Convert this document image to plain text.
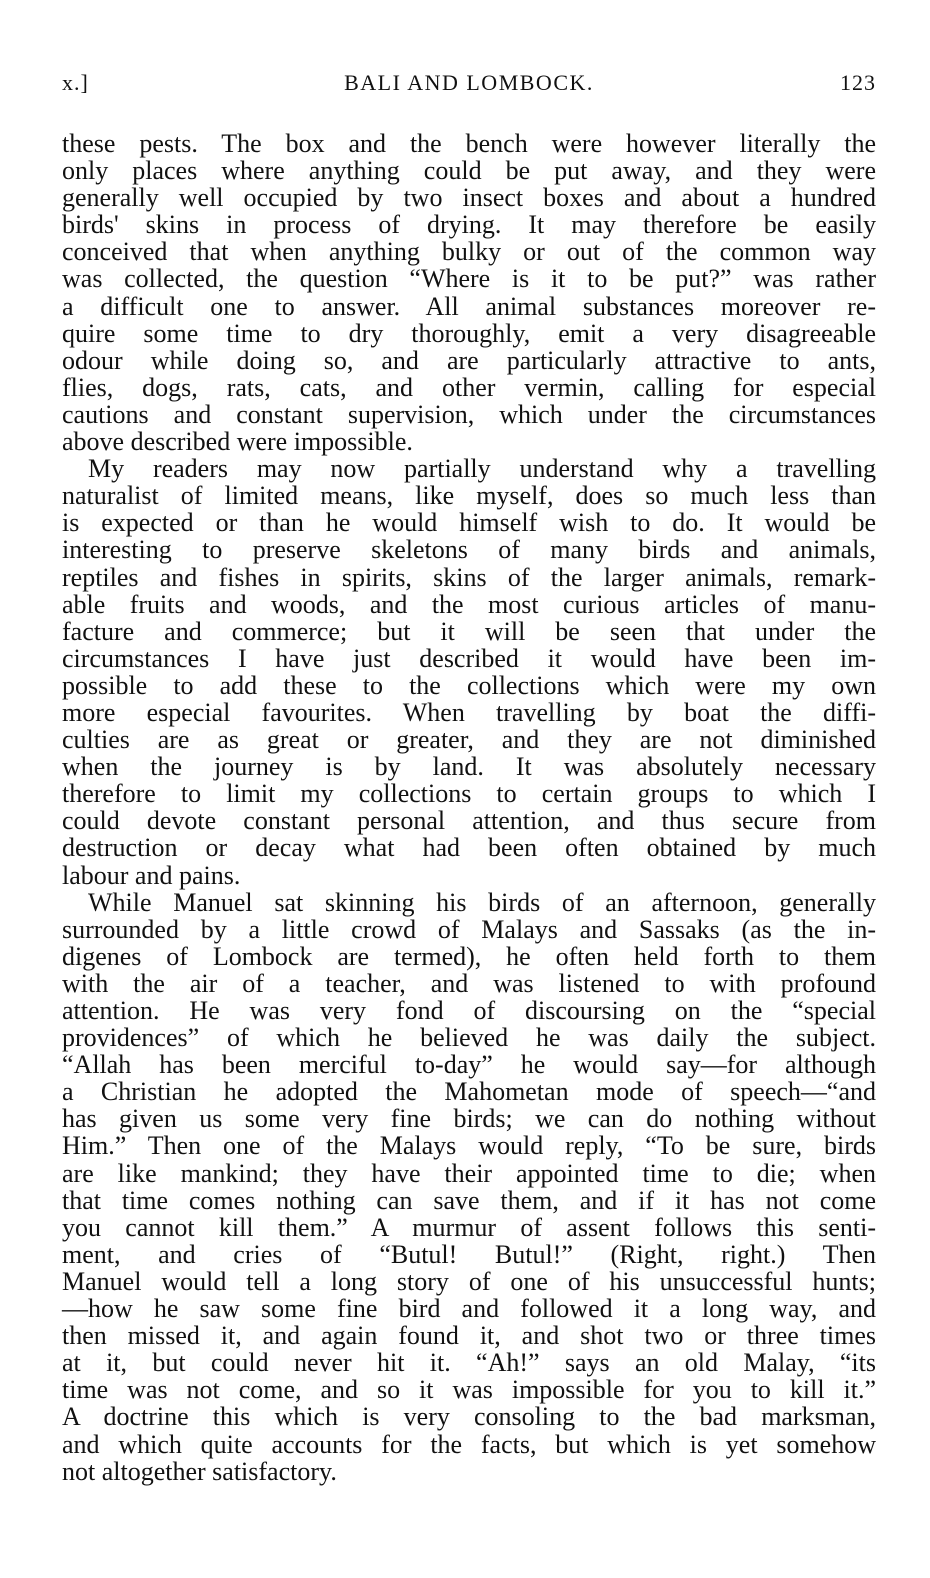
x.]	BALI AND LOMBOCK.	123
these pests. The box and the bench were however literally the
only places where anything could be put away, and they were
generally well occupied by two insect boxes and about a hundred
birds' skins in process of drying. It may therefore be easily
conceived that when anything bulky or out of the common way
was collected, the question “Where is it to be put?” was rather
a difficult one to answer. All animal substances moreover re-
quire some time to dry thoroughly, emit a very disagreeable
odour while doing so, and are particularly attractive to ants,
flies, dogs, rats, cats, and other vermin, calling for especial
cautions and constant supervision, which under the circumstances
above described were impossible.
My readers may now partially understand why a travelling
naturalist of limited means, like myself, does so much less than
is expected or than he would himself wish to do. It would be
interesting to preserve skeletons of many birds and animals,
reptiles and fishes in spirits, skins of the larger animals, remark-
able fruits and woods, and the most curious articles of manu-
facture and commerce; but it will be seen that under the
circumstances I have just described it would have been im-
possible to add these to the collections which were my own
more especial favourites. When travelling by boat the diffi-
culties are as great or greater, and they are not diminished
when the journey is by land. It was absolutely necessary
therefore to limit my collections to certain groups to which I
could devote constant personal attention, and thus secure from
destruction or decay what had been often obtained by much
labour and pains.
While Manuel sat skinning his birds of an afternoon, generally
surrounded by a little crowd of Malays and Sassaks (as the in-
digenes of Lombock are termed), he often held forth to them
with the air of a teacher, and was listened to with profound
attention. He was very fond of discoursing on the “special
providences” of which he believed he was daily the subject.
“Allah has been merciful to-day” he would say—for although
a Christian he adopted the Mahometan mode of speech—“and
has given us some very fine birds; we can do nothing without
Him.” Then one of the Malays would reply, “To be sure, birds
are like mankind; they have their appointed time to die; when
that time comes nothing can save them, and if it has not come
you cannot kill them.” A murmur of assent follows this senti-
ment, and cries of “Butul! Butul!” (Right, right.) Then
Manuel would tell a long story of one of his unsuccessful hunts;
—how he saw some fine bird and followed it a long way, and
then missed it, and again found it, and shot two or three times
at it, but could never hit it. “Ah!” says an old Malay, “its
time was not come, and so it was impossible for you to kill it.”
A doctrine this which is very consoling to the bad marksman,
and which quite accounts for the facts, but which is yet somehow
not altogether satisfactory.
